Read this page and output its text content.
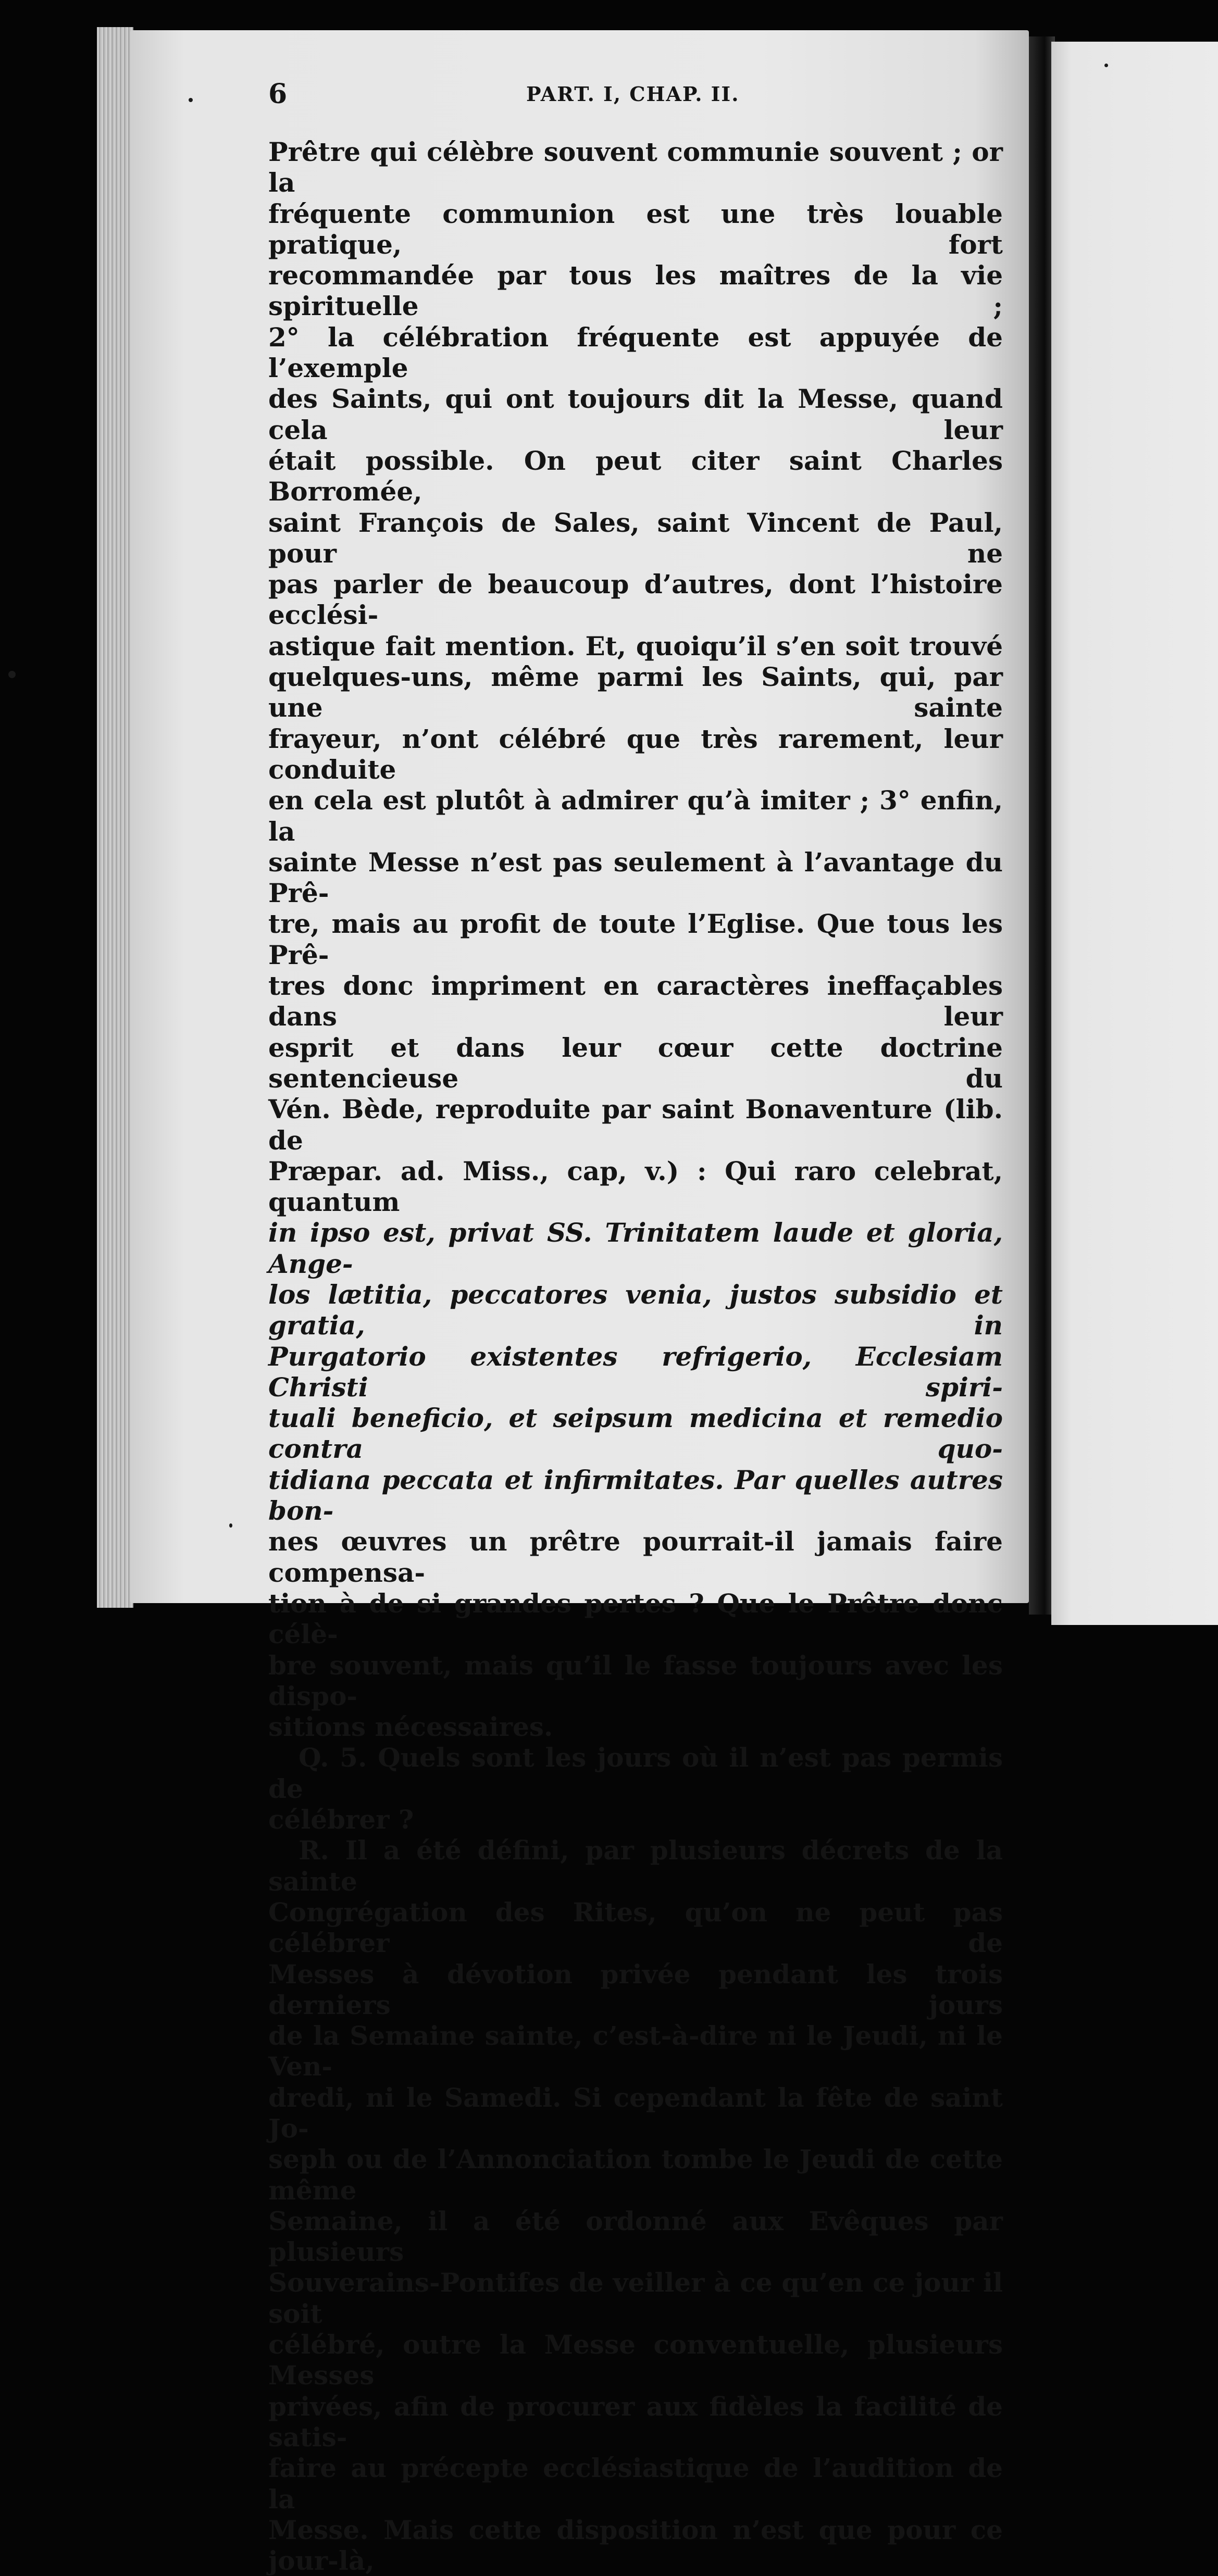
6	PART. I, CHAP. II.

Prêtre qui célèbre souvent communie souvent ; or la

fréquente communion est une très louable pratique, fort

recommandée par tous les maîtres de la vie spirituelle ;

2° la célébration fréquente est appuyée de l’exemple

des Saints, qui ont toujours dit la Messe, quand cela leur

était possible. On peut citer saint Charles Borromée,

saint François de Sales, saint Vincent de Paul, pour ne

pas parler de beaucoup d’autres, dont l’histoire ecclési-

astique fait mention. Et, quoiqu’il s’en soit trouvé

quelques-uns, même parmi les Saints, qui, par une sainte

frayeur, n’ont célébré que très rarement, leur conduite

en cela est plutôt à admirer qu’à imiter ; 3° enfin, la

sainte Messe n’est pas seulement à l’avantage du Prê-

tre, mais au profit de toute l’Eglise. Que tous les Prê-

tres donc impriment en caractères ineffaçables dans leur

esprit et dans leur cœur cette doctrine sentencieuse du

Vén. Bède, reproduite par saint Bonaventure (lib. de

Præpar. ad. Miss., cap, v.) : Qui raro celebrat, quantum

in ipso est, privat SS. Trinitatem laude et gloria, Ange-

los lætitia, peccatores venia, justos subsidio et gratia, in

Purgatorio existentes refrigerio, Ecclesiam Christi spiri-

tuali beneficio, et seipsum medicina et remedio contra quo-

tidiana peccata et infirmitates. Par quelles autres bon-

nes œuvres un prêtre pourrait-il jamais faire compensa-

tion à de si grandes pertes ? Que le Prêtre donc célè-

bre souvent, mais qu’il le fasse toujours avec les dispo-

sitions nécessaires.

Q. 5. Quels sont les jours où il n’est pas permis de

célébrer ?

R. Il a été défini, par plusieurs décrets de la sainte

Congrégation des Rites, qu’on ne peut pas célébrer de

Messes à dévotion privée pendant les trois derniers jours

de la Semaine sainte, c’est-à-dire ni le Jeudi, ni le Ven-

dredi, ni le Samedi. Si cependant la fête de saint Jo-

seph ou de l’Annonciation tombe le Jeudi de cette même

Semaine, il a été ordonné aux Evêques par plusieurs

Souverains-Pontifes de veiller à ce qu’en ce jour il soit

célébré, outre la Messe conventuelle, plusieurs Messes

privées, afin de procurer aux fidèles la facilité de satis-

faire au précepte ecclésiastique de l’audition de la

Messe. Mais cette disposition n’est que pour ce jour-là,
